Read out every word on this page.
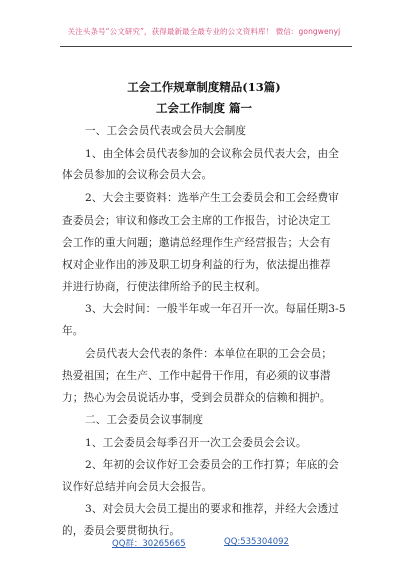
关注头条号“公文研究”，获得最新最全最专业的公文资料库！ 微信：gongwenyj
工会工作规章制度精品(13篇)
工会工作制度 篇一
一、工会会员代表或会员大会制度
1、由全体会员代表参加的会议称会员代表大会，由全
体会员参加的会议称会员大会。
2、大会主要资料：选举产生工会委员会和工会经费审
查委员会；审议和修改工会主席的工作报告，讨论决定工
会工作的重大问题；邀请总经理作生产经营报告；大会有
权对企业作出的涉及职工切身利益的行为，依法提出推荐
并进行协商，行使法律所给予的民主权利。
3、大会时间：一般半年或一年召开一次。每届任期3-5
年。
会员代表大会代表的条件：本单位在职的工会会员；
热爱祖国；在生产、工作中起骨干作用，有必须的议事潜
力；热心为会员说话办事，受到会员群众的信赖和拥护。
二、工会委员会议事制度
1、工会委员会每季召开一次工会委员会会议。
2、年初的会议作好工会委员会的工作打算；年底的会
议作好总结并向会员大会报告。
3、对会员大会员工提出的要求和推荐，并经大会透过
的，委员会要贯彻执行。
QQ群：30265665	QQ:535304092
